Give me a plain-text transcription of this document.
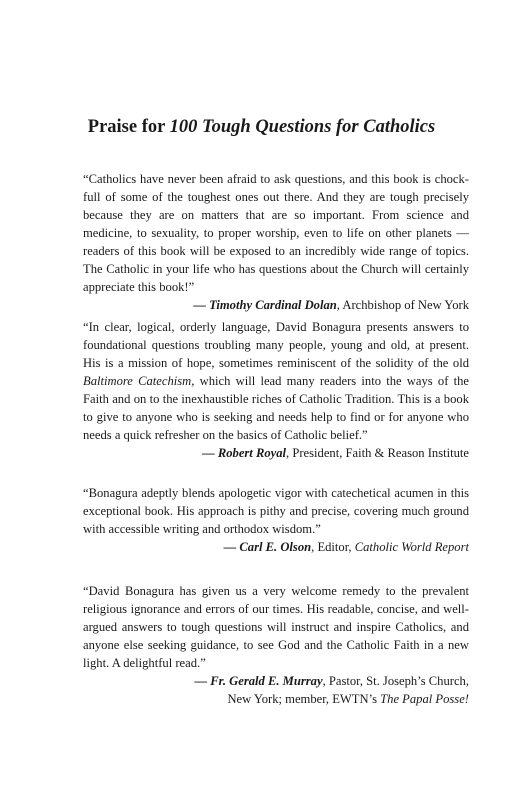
Praise for 100 Tough Questions for Catholics

“Catholics have never been afraid to ask questions, and this book is chock-full of some of the toughest ones out there. And they are tough precisely because they are on matters that are so important. From science and medicine, to sexuality, to proper worship, even to life on other planets — readers of this book will be exposed to an incredibly wide range of topics. The Catholic in your life who has questions about the Church will certainly appreciate this book!”

— Timothy Cardinal Dolan, Archbishop of New York

“In clear, logical, orderly language, David Bonagura presents answers to foundational questions troubling many people, young and old, at present. His is a mission of hope, sometimes reminiscent of the solidity of the old Baltimore Catechism, which will lead many readers into the ways of the Faith and on to the inexhaustible riches of Catholic Tradition. This is a book to give to anyone who is seeking and needs help to find or for anyone who needs a quick refresher on the basics of Catholic belief.”

— Robert Royal, President, Faith & Reason Institute

“Bonagura adeptly blends apologetic vigor with catechetical acumen in this exceptional book. His approach is pithy and precise, covering much ground with accessible writing and orthodox wisdom.”

— Carl E. Olson, Editor, Catholic World Report

“David Bonagura has given us a very welcome remedy to the prevalent religious ignorance and errors of our times. His readable, concise, and well-argued answers to tough questions will instruct and inspire Catholics, and anyone else seeking guidance, to see God and the Catholic Faith in a new light. A delightful read.”

— Fr. Gerald E. Murray, Pastor, St. Joseph’s Church,

New York; member, EWTN’s The Papal Posse!
